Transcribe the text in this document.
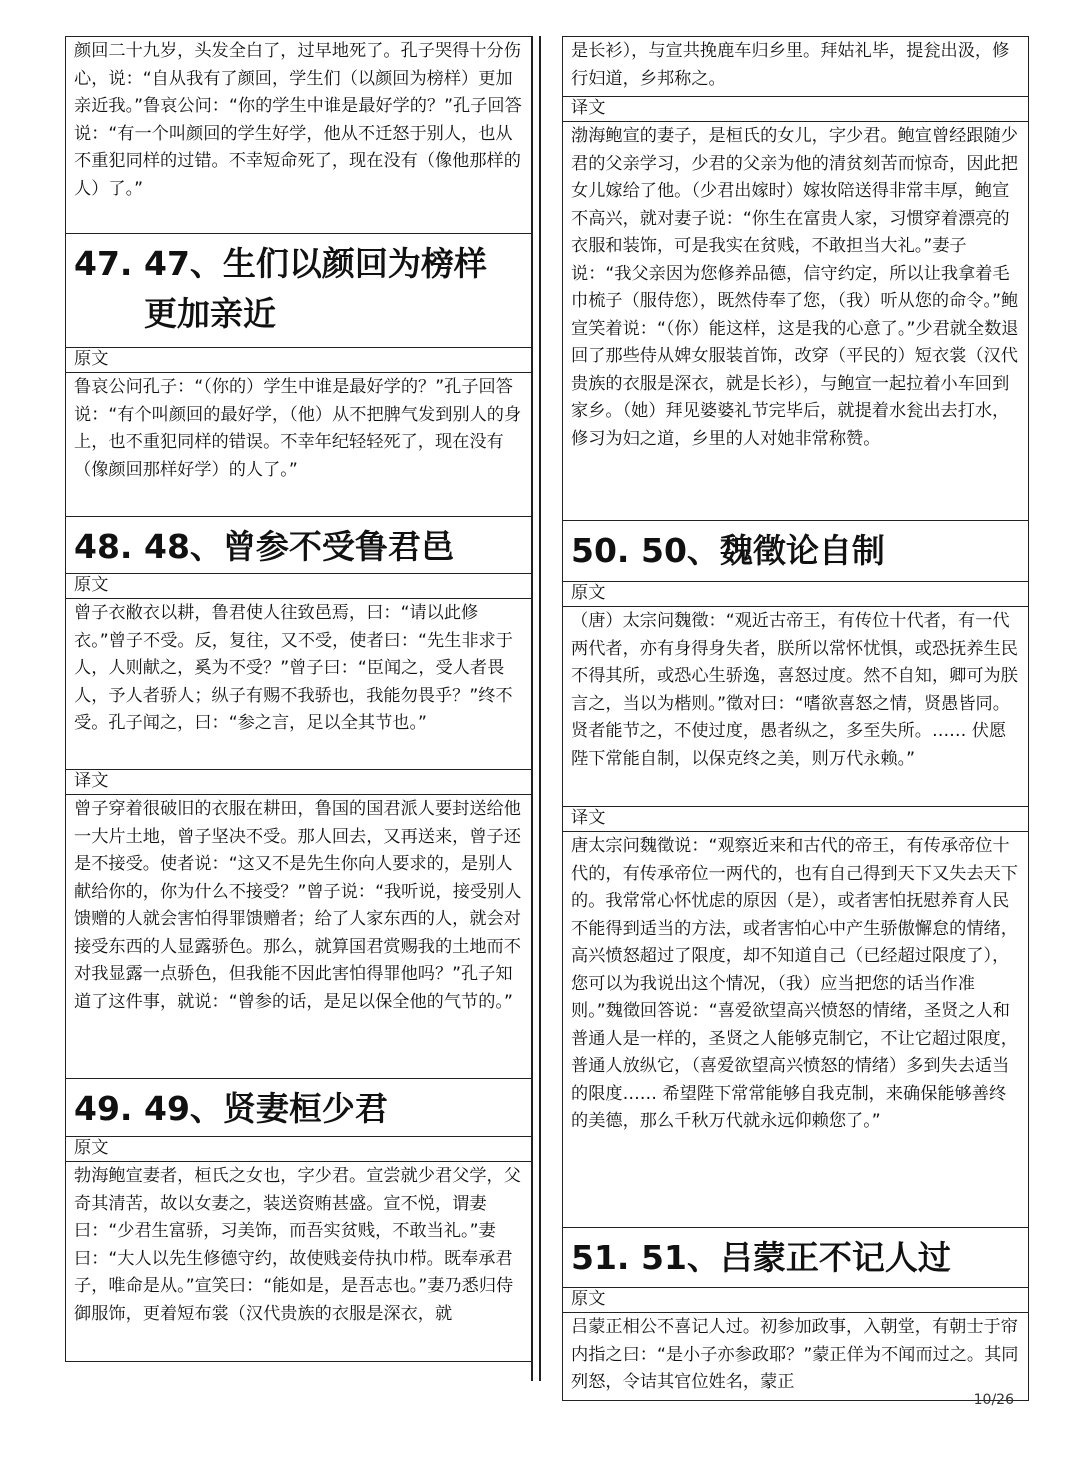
颜回二十九岁，头发全白了，过早地死了。孔子哭得十分伤心，说：“自从我有了颜回，学生们（以颜回为榜样）更加亲近我。”鲁哀公问：“你的学生中谁是最好学的？”孔子回答说：“有一个叫颜回的学生好学，他从不迁怒于别人，也从不重犯同样的过错。不幸短命死了，现在没有（像他那样的人）了。”
47. 47、生们以颜回为榜样更加亲近
原文
鲁哀公问孔子：“（你的）学生中谁是最好学的？”孔子回答说：“有个叫颜回的最好学，（他）从不把脾气发到别人的身上，也不重犯同样的错误。不幸年纪轻轻死了，现在没有（像颜回那样好学）的人了。”
48. 48、曾参不受鲁君邑
原文
曾子衣敝衣以耕，鲁君使人往致邑焉，曰：“请以此修衣。”曾子不受。反，复往，又不受，使者曰：“先生非求于人，人则献之，奚为不受？”曾子曰：“臣闻之，受人者畏人，予人者骄人；纵子有赐不我骄也，我能勿畏乎？”终不受。孔子闻之，曰：“参之言，足以全其节也。”
译文
曾子穿着很破旧的衣服在耕田，鲁国的国君派人要封送给他一大片土地，曾子坚决不受。那人回去，又再送来，曾子还是不接受。使者说：“这又不是先生你向人要求的，是别人献给你的，你为什么不接受？”曾子说：“我听说，接受别人馈赠的人就会害怕得罪馈赠者；给了人家东西的人，就会对接受东西的人显露骄色。那么，就算国君赏赐我的土地而不对我显露一点骄色，但我能不因此害怕得罪他吗？”孔子知道了这件事，就说：“曾参的话，是足以保全他的气节的。”
49. 49、贤妻桓少君
原文
勃海鲍宣妻者，桓氏之女也，字少君。宣尝就少君父学，父奇其清苦，故以女妻之，装送资贿甚盛。宣不悦，谓妻曰：“少君生富骄，习美饰，而吾实贫贱，不敢当礼。”妻曰：“大人以先生修德守约，故使贱妾侍执巾栉。既奉承君子，唯命是从。”宣笑曰：“能如是，是吾志也。”妻乃悉归侍御服饰，更着短布裳（汉代贵族的衣服是深衣，就
是长衫），与宣共挽鹿车归乡里。拜姑礼毕，提瓮出汲，修行妇道，乡邦称之。
译文
渤海鲍宣的妻子，是桓氏的女儿，字少君。鲍宣曾经跟随少君的父亲学习，少君的父亲为他的清贫刻苦而惊奇，因此把女儿嫁给了他。（少君出嫁时）嫁妆陪送得非常丰厚，鲍宣不高兴，就对妻子说：“你生在富贵人家，习惯穿着漂亮的衣服和装饰，可是我实在贫贱，不敢担当大礼。”妻子说：“我父亲因为您修养品德，信守约定，所以让我拿着毛巾梳子（服侍您），既然侍奉了您，（我）听从您的命令。”鲍宣笑着说：“（你）能这样，这是我的心意了。”少君就全数退回了那些侍从婢女服装首饰，改穿（平民的）短衣裳（汉代贵族的衣服是深衣，就是长衫），与鲍宣一起拉着小车回到家乡。（她）拜见婆婆礼节完毕后，就提着水瓮出去打水，修习为妇之道，乡里的人对她非常称赞。
50. 50、魏徵论自制
原文
（唐）太宗问魏徵：“观近古帝王，有传位十代者，有一代两代者，亦有身得身失者，朕所以常怀忧惧，或恐抚养生民不得其所，或恐心生骄逸，喜怒过度。然不自知，卿可为朕言之，当以为楷则。”徵对曰：“嗜欲喜怒之情，贤愚皆同。贤者能节之，不使过度，愚者纵之，多至失所。…… 伏愿陛下常能自制，以保克终之美，则万代永赖。”
译文
唐太宗问魏徵说：“观察近来和古代的帝王，有传承帝位十代的，有传承帝位一两代的，也有自己得到天下又失去天下的。我常常心怀忧虑的原因（是），或者害怕抚慰养育人民不能得到适当的方法，或者害怕心中产生骄傲懈怠的情绪，高兴愤怒超过了限度，却不知道自己（已经超过限度了），您可以为我说出这个情况，（我）应当把您的话当作准则。”魏徵回答说：“喜爱欲望高兴愤怒的情绪，圣贤之人和普通人是一样的，圣贤之人能够克制它，不让它超过限度，普通人放纵它，（喜爱欲望高兴愤怒的情绪）多到失去适当的限度…… 希望陛下常常能够自我克制，来确保能够善终的美德，那么千秋万代就永远仰赖您了。”
51. 51、吕蒙正不记人过
原文
吕蒙正相公不喜记人过。初参加政事，入朝堂，有朝士于帘内指之曰：“是小子亦参政耶？”蒙正佯为不闻而过之。其同列怒，令诘其官位姓名，蒙正
10/26
